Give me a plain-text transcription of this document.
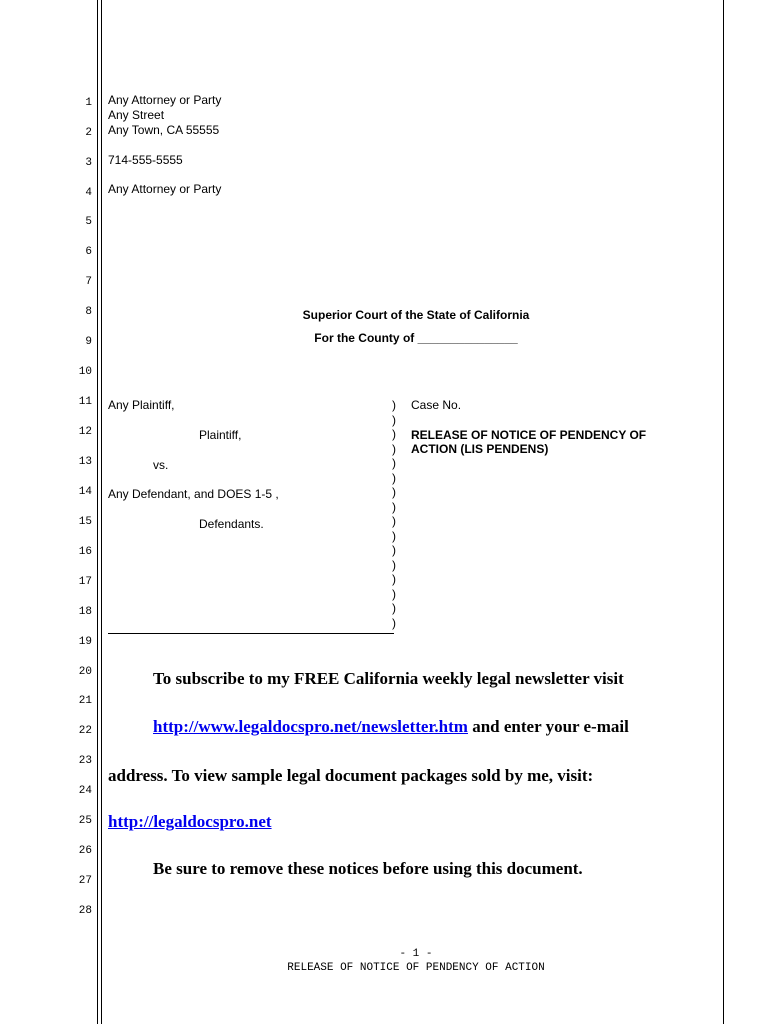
1
2
3
4
5
6
7
8
9
10
11
12
13
14
15
16
17
18
19
20
21
22
23
24
25
26
27
28
Any Attorney or Party
Any Street
Any Town, CA 55555
714-555-5555
Any Attorney or Party
Superior Court of the State of California
For the County of _______________
Any Plaintiff,
Plaintiff,
vs.
Any Defendant, and DOES 1-5 ,
Defendants.
)
)
)
)
)
)
)
)
)
)
)
)
)
)
)
)
Case No.
RELEASE OF NOTICE OF PENDENCY OF
ACTION (LIS PENDENS)
To subscribe to my FREE California weekly legal newsletter visit
http://www.legaldocspro.net/newsletter.htm and enter your e-mail
address. To view sample legal document packages sold by me, visit:
http://legaldocspro.net
Be sure to remove these notices before using this document.
- 1 -
RELEASE OF NOTICE OF PENDENCY OF ACTION
